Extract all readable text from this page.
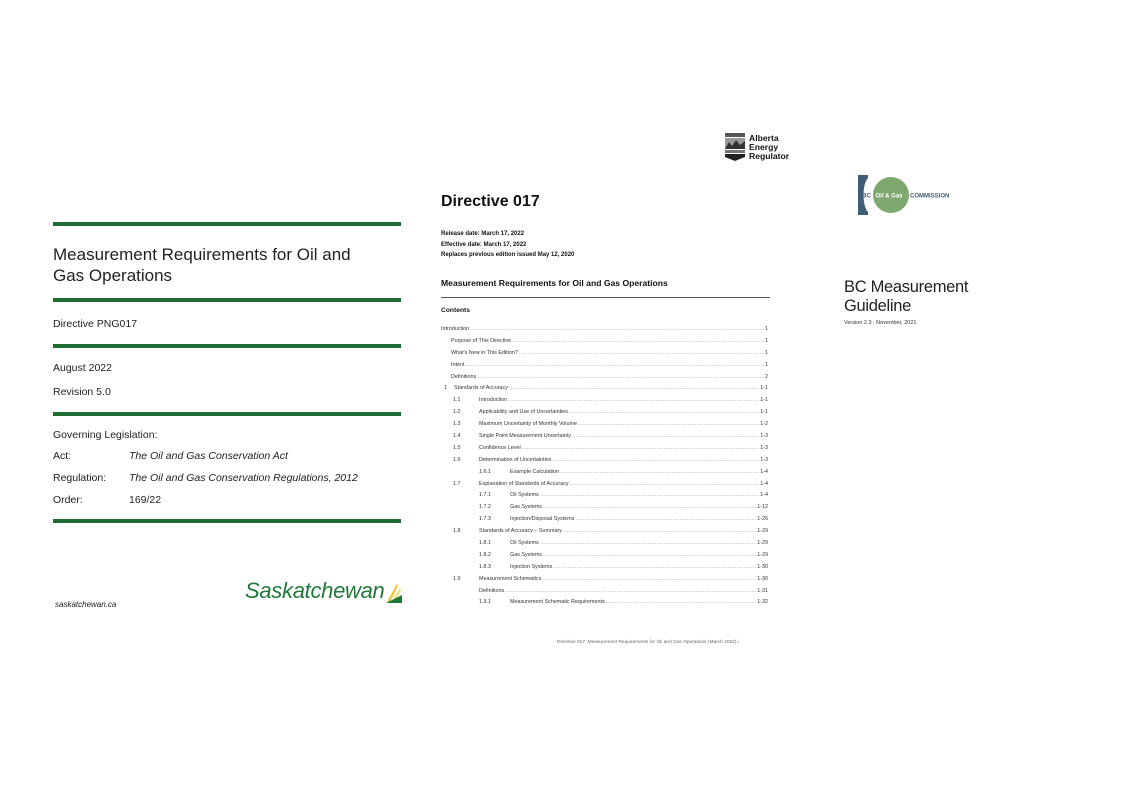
Measurement Requirements for Oil and Gas Operations
Directive PNG017
August 2022
Revision 5.0
Governing Legislation:
Act:	The Oil and Gas Conservation Act
Regulation:	The Oil and Gas Conservation Regulations, 2012
Order:	169/22
Saskatchewan
saskatchewan.ca
Alberta
Energy
Regulator
Directive 017
Release date: March 17, 2022
Effective date: March 17, 2022
Replaces previous edition issued May 12, 2020
Measurement Requirements for Oil and Gas Operations
Contents
Introduction .....	1
Purpose of This Directive .....	1
What's New in This Edition? .....	1
Intent .....	1
Definitions .....	2
1 Standards of Accuracy .....	1-1
1.1	Introduction .....	1-1
1.2	Applicability and Use of Uncertainties .....	1-1
1.3	Maximum Uncertainty of Monthly Volume .....	1-2
1.4	Single Point Measurement Uncertainty .....	1-3
1.5	Confidence Level .....	1-3
1.6	Determination of Uncertainties .....	1-3
1.6.1	Example Calculation .....	1-4
1.7	Explanation of Standards of Accuracy .....	1-4
1.7.1	Oil Systems .....	1-4
1.7.2	Gas Systems .....	1-12
1.7.3	Injection/Disposal Systems .....	1-26
1.8	Standards of Accuracy – Summary .....	1-29
1.8.1	Oil Systems .....	1-29
1.8.2	Gas Systems .....	1-29
1.8.3	Injection Systems .....	1-30
1.9	Measurement Schematics .....	1-30
Definitions .....	1-31
1.9.1	Measurement Schematic Requirements .....	1-32
Directive 017: Measurement Requirements for Oil and Gas Operations (March 2022) i
BC Oil & Gas COMMISSION
BC Measurement
Guideline
Version 2.3 : November, 2021
